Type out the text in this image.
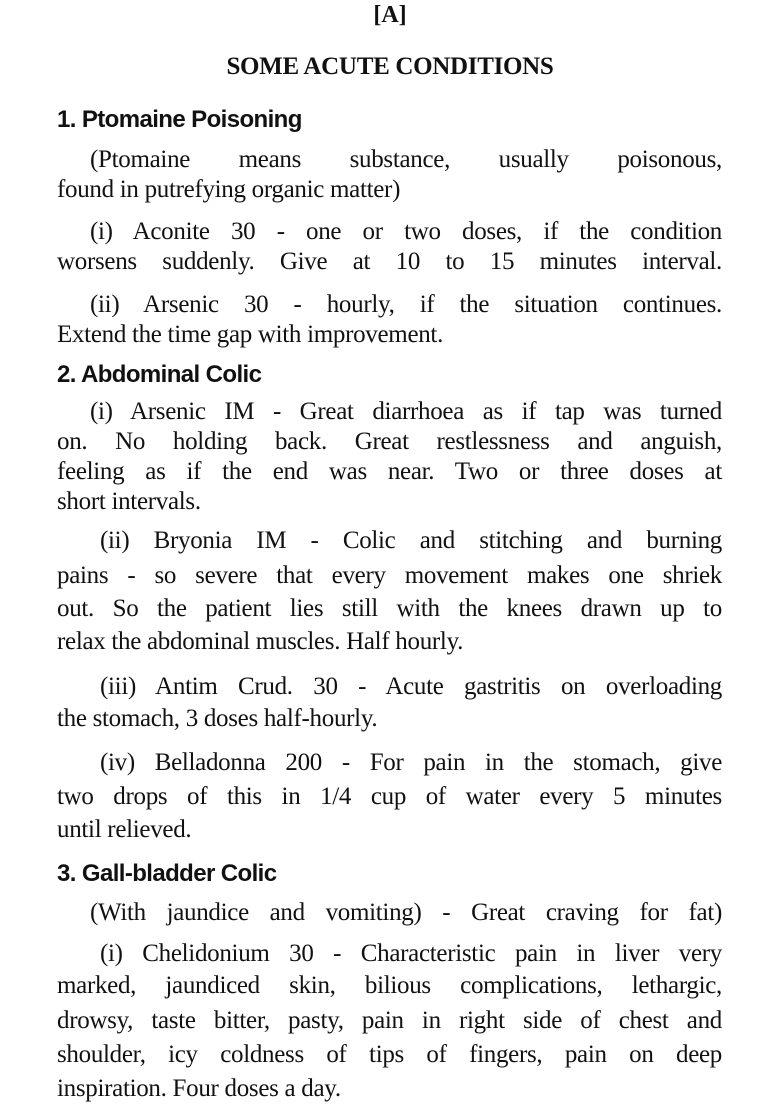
[A]
SOME ACUTE CONDITIONS
1. Ptomaine Poisoning
(Ptomaine means substance, usually poisonous,
found in putrefying organic matter)
(i) Aconite 30 - one or two doses, if the condition
worsens suddenly. Give at 10 to 15 minutes interval.
(ii) Arsenic 30 - hourly, if the situation continues.
Extend the time gap with improvement.
2. Abdominal Colic
(i) Arsenic IM - Great diarrhoea as if tap was turned
on. No holding back. Great restlessness and anguish,
feeling as if the end was near. Two or three doses at
short intervals.
(ii) Bryonia IM - Colic and stitching and burning
pains - so severe that every movement makes one shriek
out. So the patient lies still with the knees drawn up to
relax the abdominal muscles. Half hourly.
(iii) Antim Crud. 30 - Acute gastritis on overloading
the stomach, 3 doses half-hourly.
(iv) Belladonna 200 - For pain in the stomach, give
two drops of this in 1/4 cup of water every 5 minutes
until relieved.
3. Gall-bladder Colic
(With jaundice and vomiting) - Great craving for fat)
(i) Chelidonium 30 - Characteristic pain in liver very
marked, jaundiced skin, bilious complications, lethargic,
drowsy, taste bitter, pasty, pain in right side of chest and
shoulder, icy coldness of tips of fingers, pain on deep
inspiration. Four doses a day.
